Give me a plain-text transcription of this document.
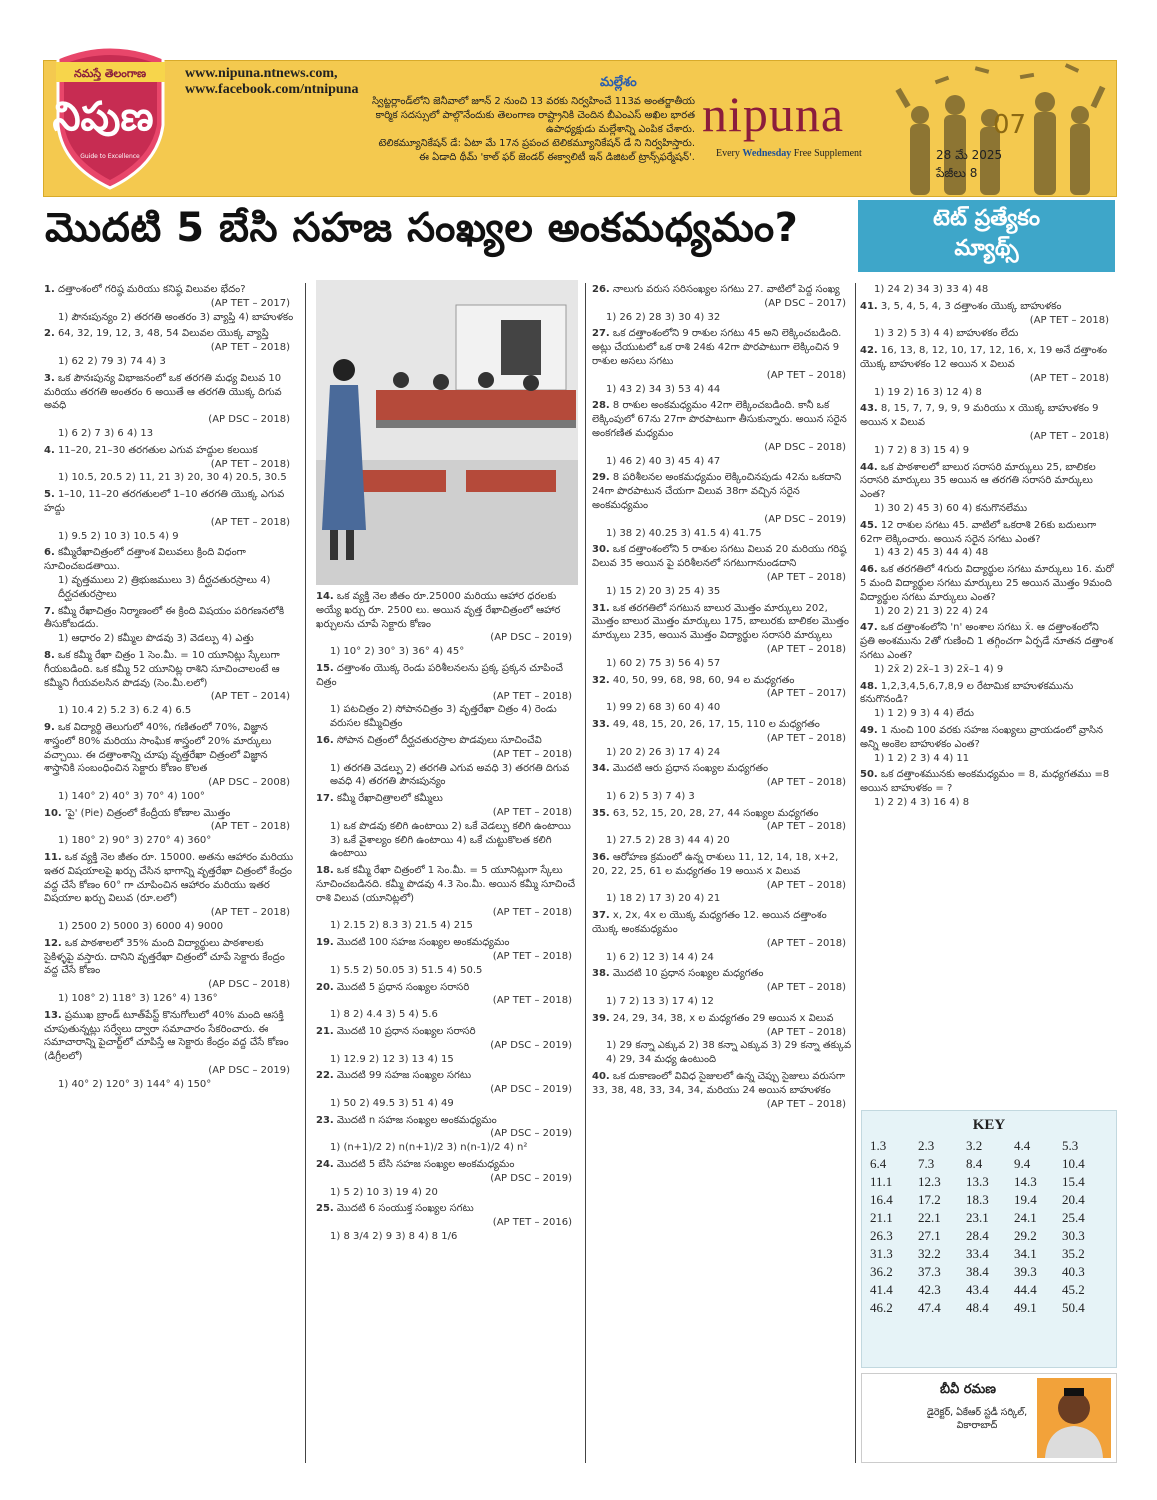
నమస్తే తెలంగాణ
నిపుణ
Guide to Excellence
www.nipuna.ntnews.com,
www.facebook.com/ntnipuna	మల్లేశం
స్విట్జర్లాండ్‌లోని జెనీవాలో జూన్ 2 నుంచి 13 వరకు నిర్వహించే 113వ అంతర్జాతీయ
కార్మిక సదస్సులో పాల్గొనేందుకు తెలంగాణ రాష్ట్రానికి చెందిన బీఎంఎస్ అఖిల భారత
ఉపాధ్యక్షుడు మల్లేశాన్ని ఎంపిక చేశారు.
టెలికమ్యూనికేషన్ డే: ఏటా మే 17న ప్రపంచ టెలికమ్యూనికేషన్ డే ని నిర్వహిస్తారు.
ఈ ఏడాది థీమ్ 'కాల్ ఫర్ జెండర్ ఈక్వాలిటీ ఇన్ డిజిటల్ ట్రాన్స్‌ఫర్మేషన్'.
nipuna
Every Wednesday Free Supplement
07
28 మే 2025
పేజీలు 8
మొదటి 5 బేసి సహజ సంఖ్యల అంకమధ్యమం?	టెట్ ప్రత్యేకం
మ్యాథ్స్
1. దత్తాంశంలో గరిష్ఠ మరియు కనిష్ఠ విలువల భేదం?
(AP TET – 2017)
1) పౌనఃపున్యం 2) తరగతి అంతరం 3) వ్యాప్తి 4) బాహుళకం
2. 64, 32, 19, 12, 3, 48, 54 విలువల యొక్క వ్యాప్తి
(AP TET – 2018)
1) 62 2) 79 3) 74 4) 3
3. ఒక పౌనఃపున్య విభాజనంలో ఒక తరగతి మధ్య విలువ 10 మరియు తరగతి అంతరం 6 అయితే ఆ తరగతి యొక్క దిగువ అవధి
(AP DSC – 2018)
1) 6 2) 7 3) 6 4) 13
4. 11–20, 21–30 తరగతుల ఎగువ హద్దుల కలయిక
(AP TET – 2018)
1) 10.5, 20.5 2) 11, 21 3) 20, 30 4) 20.5, 30.5
5. 1–10, 11–20 తరగతులలో 1–10 తరగతి యొక్క ఎగువ హద్దు
(AP TET – 2018)
1) 9.5 2) 10 3) 10.5 4) 9
6. కమ్మీరేఖాచిత్రంలో దత్తాంశ విలువలు క్రింది విధంగా సూచించబడతాయి.
1) వృత్తములు 2) త్రిభుజములు 3) దీర్ఘచతురస్రాలు 4) దీర్ఘచతురస్రాలు
7. కమ్మీ రేఖాచిత్రం నిర్మాణంలో ఈ క్రింది విషయం పరిగణనలోకి తీసుకోబడదు.
1) ఆధారం 2) కమ్మీల పొడవు 3) వెడల్పు 4) ఎత్తు
8. ఒక కమ్మీ రేఖా చిత్రం 1 సెం.మీ. = 10 యూనిట్లు స్కేలుగా గీయబడింది. ఒక కమ్మీ 52 యూనిట్ల రాశిని సూచించాలంటే ఆ కమ్మీని గీయవలసిన పొడవు (సెం.మీ.లలో)
(AP TET – 2014)
1) 10.4 2) 5.2 3) 6.2 4) 6.5
9. ఒక విద్యార్థి తెలుగులో 40%, గణితంలో 70%, విజ్ఞాన శాస్త్రంలో 80% మరియు సాంఘిక శాస్త్రంలో 20% మార్కులు వచ్చాయి. ఈ దత్తాంశాన్ని చూపు వృత్తరేఖా చిత్రంలో విజ్ఞాన శాస్త్రానికి సంబంధించిన సెక్టారు కోణం కొలత
(AP DSC – 2008)
1) 140° 2) 40° 3) 70° 4) 100°
10. 'పై' (Pie) చిత్రంలో కేంద్రీయ కోణాల మొత్తం
(AP TET – 2018)
1) 180° 2) 90° 3) 270° 4) 360°
11. ఒక వ్యక్తి నెల జీతం రూ. 15000. అతను ఆహారం మరియు ఇతర విషయాలపై ఖర్చు చేసిన భాగాన్ని వృత్తరేఖా చిత్రంలో కేంద్రం వద్ద చేసే కోణం 60° గా చూపించిన ఆహారం మరియు ఇతర విషయాల ఖర్చు విలువ (రూ.లలో)
(AP TET – 2018)
1) 2500 2) 5000 3) 6000 4) 9000
12. ఒక పాఠశాలలో 35% మంది విద్యార్థులు పాఠశాలకు సైకిళ్ళపై వస్తారు. దానిని వృత్తరేఖా చిత్రంలో చూపే సెక్టారు కేంద్రం వద్ద చేసే కోణం
(AP DSC – 2018)
1) 108° 2) 118° 3) 126° 4) 136°
13. ప్రముఖ బ్రాండ్ టూత్‌పేస్ట్ కొనుగోలులో 40% మంది ఆసక్తి చూపుతున్నట్లు సర్వేలు ద్వారా సమాచారం సేకరించారు. ఈ సమాచారాన్ని పైచార్ట్‌లో చూపిస్తే ఆ సెక్టారు కేంద్రం వద్ద చేసే కోణం (డిగ్రీలలో)
(AP DSC – 2019)
1) 40° 2) 120° 3) 144° 4) 150°
14. ఒక వ్యక్తి నెల జీతం రూ.25000 మరియు ఆహార ధరలకు అయ్యే ఖర్చు రూ. 2500 లు. అయిన వృత్త రేఖాచిత్రంలో ఆహార ఖర్చులను చూపే సెక్టారు కోణం
(AP DSC – 2019)
1) 10° 2) 30° 3) 36° 4) 45°
15. దత్తాంశం యొక్క రెండు పరిశీలనలను ప్రక్క ప్రక్కన చూపించే చిత్రం
(AP TET – 2018)
1) పటచిత్రం 2) సోపానచిత్రం 3) వృత్తరేఖా చిత్రం 4) రెండు వరుసల కమ్మీచిత్రం
16. సోపాన చిత్రంలో దీర్ఘచతురస్రాల పొడవులు సూచించేవి
(AP TET – 2018)
1) తరగతి వెడల్పు 2) తరగతి ఎగువ అవధి 3) తరగతి దిగువ అవధి 4) తరగతి పౌనఃపున్యం
17. కమ్మీ రేఖాచిత్రాలలో కమ్మీలు
(AP TET – 2018)
1) ఒక పొడవు కలిగి ఉంటాయి 2) ఒకే వెడల్పు కలిగి ఉంటాయి 3) ఒకే వైశాల్యం కలిగి ఉంటాయి 4) ఒకే చుట్టుకొలత కలిగి ఉంటాయి
18. ఒక కమ్మీ రేఖా చిత్రంలో 1 సెం.మీ. = 5 యూనిట్లుగా స్కేలు సూచించబడినది. కమ్మీ పొడవు 4.3 సెం.మీ. అయిన కమ్మీ సూచించే రాశి విలువ (యూనిట్లలో)
(AP TET – 2018)
1) 2.15 2) 8.3 3) 21.5 4) 215
19. మొదటి 100 సహజ సంఖ్యల అంకమధ్యమం
(AP TET – 2018)
1) 5.5 2) 50.05 3) 51.5 4) 50.5
20. మొదటి 5 ప్రధాన సంఖ్యల సరాసరి
(AP TET – 2018)
1) 8 2) 4.4 3) 5 4) 5.6
21. మొదటి 10 ప్రధాన సంఖ్యల సరాసరి
(AP DSC – 2019)
1) 12.9 2) 12 3) 13 4) 15
22. మొదటి 99 సహజ సంఖ్యల సగటు
(AP DSC – 2019)
1) 50 2) 49.5 3) 51 4) 49
23. మొదటి n సహజ సంఖ్యల అంకమధ్యమం
(AP DSC – 2019)
1) (n+1)/2 2) n(n+1)/2 3) n(n-1)/2 4) n²
24. మొదటి 5 బేసి సహజ సంఖ్యల అంకమధ్యమం
(AP DSC – 2019)
1) 5 2) 10 3) 19 4) 20
25. మొదటి 6 సంయుక్త సంఖ్యల సగటు
(AP TET – 2016)
1) 8 3/4 2) 9 3) 8 4) 8 1/6
26. నాలుగు వరుస సరిసంఖ్యల సగటు 27. వాటిలో పెద్ద సంఖ్య
(AP DSC – 2017)
1) 26 2) 28 3) 30 4) 32
27. ఒక దత్తాంశంలోని 9 రాశుల సగటు 45 అని లెక్కించబడింది. అట్లు చేయుటలో ఒక రాశి 24కు 42గా పొరపాటుగా లెక్కించిన 9 రాశుల అసలు సగటు
(AP TET – 2018)
1) 43 2) 34 3) 53 4) 44
28. 8 రాశుల అంకమధ్యమం 42గా లెక్కించబడింది. కానీ ఒక లెక్కింపులో 67ను 27గా పొరపాటుగా తీసుకున్నారు. అయిన సరైన అంకగణిత మధ్యమం
(AP DSC – 2018)
1) 46 2) 40 3) 45 4) 47
29. 8 పరిశీలనల అంకమధ్యమం లెక్కించినపుడు 42ను ఒకదాని 24గా పొరపాటున చేయగా విలువ 38గా వచ్చిన సరైన అంకమధ్యమం
(AP DSC – 2019)
1) 38 2) 40.25 3) 41.5 4) 41.75
30. ఒక దత్తాంశంలోని 5 రాశుల సగటు విలువ 20 మరియు గరిష్ఠ విలువ 35 అయిన పై పరిశీలనలో సగటుగానుండదాని
(AP TET – 2018)
1) 15 2) 20 3) 25 4) 35
31. ఒక తరగతిలో సగటున బాలుర మొత్తం మార్కులు 202, మొత్తం బాలుర మొత్తం మార్కులు 175, బాలురకు బాలికల మొత్తం మార్కులు 235, అయిన మొత్తం విద్యార్థుల సరాసరి మార్కులు
(AP TET – 2018)
1) 60 2) 75 3) 56 4) 57
32. 40, 50, 99, 68, 98, 60, 94 ల మధ్యగతం
(AP TET – 2017)
1) 99 2) 68 3) 60 4) 40
33. 49, 48, 15, 20, 26, 17, 15, 110 ల మధ్యగతం
(AP TET – 2018)
1) 20 2) 26 3) 17 4) 24
34. మొదటి ఆరు ప్రధాన సంఖ్యల మధ్యగతం
(AP TET – 2018)
1) 6 2) 5 3) 7 4) 3
35. 63, 52, 15, 20, 28, 27, 44 సంఖ్యల మధ్యగతం
(AP TET – 2018)
1) 27.5 2) 28 3) 44 4) 20
36. ఆరోహణ క్రమంలో ఉన్న రాశులు 11, 12, 14, 18, x+2, 20, 22, 25, 61 ల మధ్యగతం 19 అయిన x విలువ
(AP TET – 2018)
1) 18 2) 17 3) 20 4) 21
37. x, 2x, 4x ల యొక్క మధ్యగతం 12. అయిన దత్తాంశం యొక్క అంకమధ్యమం
(AP TET – 2018)
1) 6 2) 12 3) 14 4) 24
38. మొదటి 10 ప్రధాన సంఖ్యల మధ్యగతం
(AP TET – 2018)
1) 7 2) 13 3) 17 4) 12
39. 24, 29, 34, 38, x ల మధ్యగతం 29 అయిన x విలువ
(AP TET – 2018)
1) 29 కన్నా ఎక్కువ 2) 38 కన్నా ఎక్కువ 3) 29 కన్నా తక్కువ 4) 29, 34 మధ్య ఉంటుంది
40. ఒక దుకాణంలో వివిధ సైజులలో ఉన్న చెప్పు సైజులు వరుసగా 33, 38, 48, 33, 34, 34, మరియు 24 అయిన బాహుళకం
(AP TET – 2018)
1) 24 2) 34 3) 33 4) 48
41. 3, 5, 4, 5, 4, 3 దత్తాంశం యొక్క బాహుళకం
(AP TET – 2018)
1) 3 2) 5 3) 4 4) బాహుళకం లేదు
42. 16, 13, 8, 12, 10, 17, 12, 16, x, 19 అనే దత్తాంశం యొక్క బాహుళకం 12 అయిన x విలువ
(AP TET – 2018)
1) 19 2) 16 3) 12 4) 8
43. 8, 15, 7, 7, 9, 9, 9 మరియు x యొక్క బాహుళకం 9 అయిన x విలువ
(AP TET – 2018)
1) 7 2) 8 3) 15 4) 9
44. ఒక పాఠశాలలో బాలుర సరాసరి మార్కులు 25, బాలికల సరాసరి మార్కులు 35 అయిన ఆ తరగతి సరాసరి మార్కులు ఎంత?
1) 30 2) 45 3) 60 4) కనుగొనలేము
45. 12 రాశుల సగటు 45. వాటిలో ఒకరాశి 26కు బదులుగా 62గా లెక్కించారు. అయిన సరైన సగటు ఎంత?
1) 43 2) 45 3) 44 4) 48
46. ఒక తరగతిలో 4గురు విద్యార్థుల సగటు మార్కులు 16. మరో 5 మంది విద్యార్థుల సగటు మార్కులు 25 అయిన మొత్తం 9మంది విద్యార్థుల సగటు మార్కులు ఎంత?
1) 20 2) 21 3) 22 4) 24
47. ఒక దత్తాంశంలోని 'n' అంశాల సగటు x̄. ఆ దత్తాంశంలోని ప్రతి అంశమును 2తో గుణించి 1 తగ్గించగా ఏర్పడే నూతన దత్తాంశ సగటు ఎంత?
1) 2x̄ 2) 2x̄–1 3) 2x̄–1 4) 9
48. 1,2,3,4,5,6,7,8,9 ల రేటామిక బాహుళకమును కనుగొనండి?
1) 1 2) 9 3) 4 4) లేదు
49. 1 నుంచి 100 వరకు సహజ సంఖ్యలు వ్రాయడంలో వ్రాసిన అన్ని అంకెల బాహుళకం ఎంత?
1) 1 2) 2 3) 4 4) 11
50. ఒక దత్తాంశమునకు అంకమధ్యమం = 8, మధ్యగతము =8 అయిన బాహుళకం = ?
1) 2 2) 4 3) 16 4) 8
KEY
1.3	2.3	3.2	4.4	5.3
6.4	7.3	8.4	9.4	10.4
11.1	12.3	13.3	14.3	15.4
16.4	17.2	18.3	19.4	20.4
21.1	22.1	23.1	24.1	25.4
26.3	27.1	28.4	29.2	30.3
31.3	32.2	33.4	34.1	35.2
36.2	37.3	38.4	39.3	40.3
41.4	42.3	43.4	44.4	45.2
46.2	47.4	48.4	49.1	50.4
బీవీ రమణ
డైరెక్టర్, ఏకేఆర్ స్టడీ సర్కిల్,
వికారాబాద్
